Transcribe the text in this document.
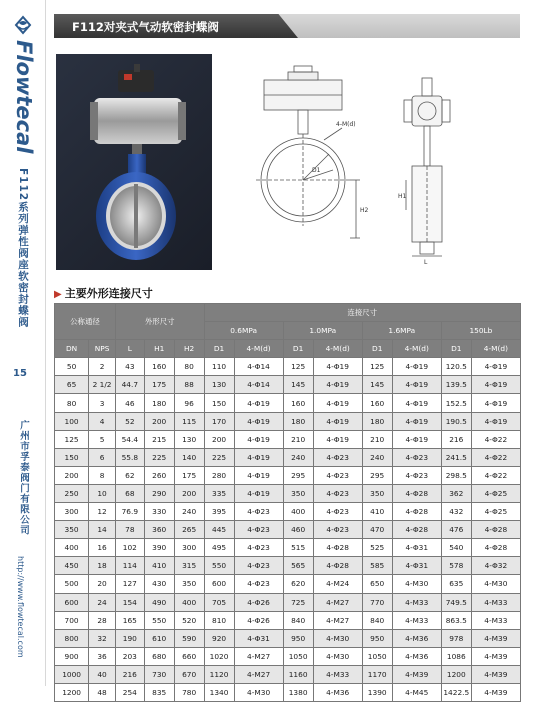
Flowtecal
F112系列弹性阀座软密封蝶阀
15
广州市孚泰阀门有限公司
http://www.flowtecal.com
F112对夹式气动软密封蝶阀
4-M(d)
D1
H2
H1
L
▶ 主要外形连接尺寸
公称通径		外形尺寸			连接尺寸							
					0.6MPa		1.0MPa		1.6MPa		150Lb	
DN	NPS	L	H1	H2	D1	4-M(d)	D1	4-M(d)	D1	4-M(d)	D1	4-M(d)
50	2	43	160	80	110	4-Φ14	125	4-Φ19	125	4-Φ19	120.5	4-Φ19
65	2 1/2	44.7	175	88	130	4-Φ14	145	4-Φ19	145	4-Φ19	139.5	4-Φ19
80	3	46	180	96	150	4-Φ19	160	4-Φ19	160	4-Φ19	152.5	4-Φ19
100	4	52	200	115	170	4-Φ19	180	4-Φ19	180	4-Φ19	190.5	4-Φ19
125	5	54.4	215	130	200	4-Φ19	210	4-Φ19	210	4-Φ19	216	4-Φ22
150	6	55.8	225	140	225	4-Φ19	240	4-Φ23	240	4-Φ23	241.5	4-Φ22
200	8	62	260	175	280	4-Φ19	295	4-Φ23	295	4-Φ23	298.5	4-Φ22
250	10	68	290	200	335	4-Φ19	350	4-Φ23	350	4-Φ28	362	4-Φ25
300	12	76.9	330	240	395	4-Φ23	400	4-Φ23	410	4-Φ28	432	4-Φ25
350	14	78	360	265	445	4-Φ23	460	4-Φ23	470	4-Φ28	476	4-Φ28
400	16	102	390	300	495	4-Φ23	515	4-Φ28	525	4-Φ31	540	4-Φ28
450	18	114	410	315	550	4-Φ23	565	4-Φ28	585	4-Φ31	578	4-Φ32
500	20	127	430	350	600	4-Φ23	620	4-M24	650	4-M30	635	4-M30
600	24	154	490	400	705	4-Φ26	725	4-M27	770	4-M33	749.5	4-M33
700	28	165	550	520	810	4-Φ26	840	4-M27	840	4-M33	863.5	4-M33
800	32	190	610	590	920	4-Φ31	950	4-M30	950	4-M36	978	4-M39
900	36	203	680	660	1020	4-M27	1050	4-M30	1050	4-M36	1086	4-M39
1000	40	216	730	670	1120	4-M27	1160	4-M33	1170	4-M39	1200	4-M39
1200	48	254	835	780	1340	4-M30	1380	4-M36	1390	4-M45	1422.5	4-M39
